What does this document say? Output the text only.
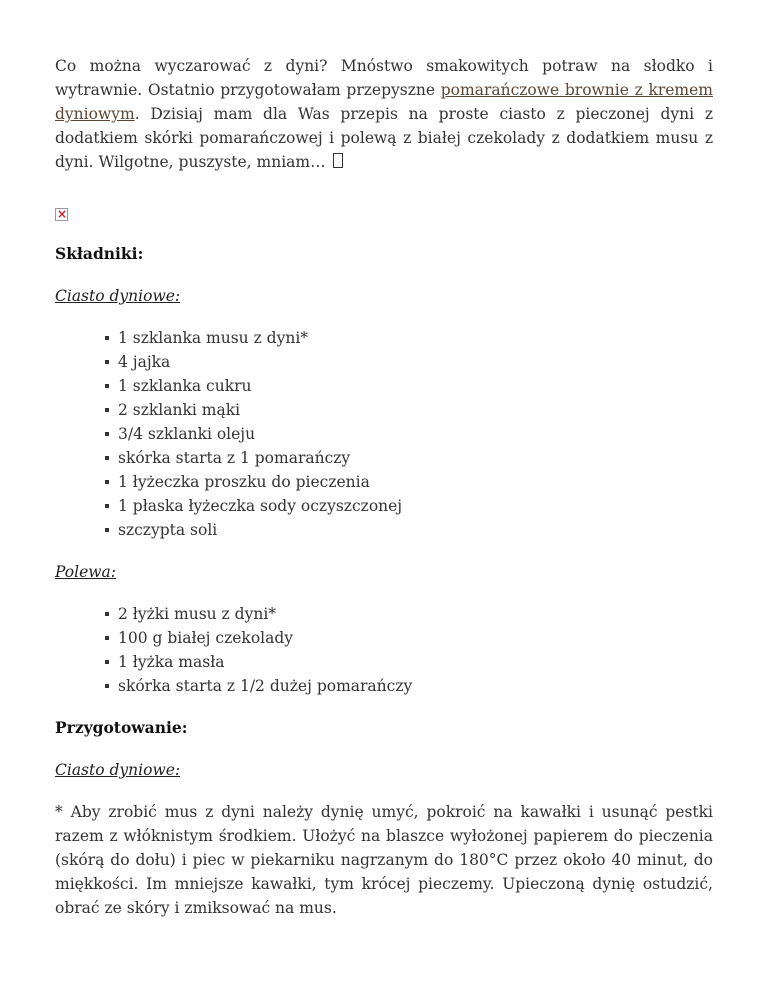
Co można wyczarować z dyni? Mnóstwo smakowitych potraw na słodko i wytrawnie. Ostatnio przygotowałam przepyszne pomarańczowe brownie z kremem dyniowym. Dzisiaj mam dla Was przepis na proste ciasto z pieczonej dyni z dodatkiem skórki pomarańczowej i polewą z białej czekolady z dodatkiem musu z dyni. Wilgotne, puszyste, mniam…

×
Składniki:

Ciasto dyniowe:

1 szklanka musu z dyni*
4 jajka
1 szklanka cukru
2 szklanki mąki
3/4 szklanki oleju
skórka starta z 1 pomarańczy
1 łyżeczka proszku do pieczenia
1 płaska łyżeczka sody oczyszczonej
szczypta soli

Polewa:

2 łyżki musu z dyni*
100 g białej czekolady
1 łyżka masła
skórka starta z 1/2 dużej pomarańczy
Przygotowanie:

Ciasto dyniowe:

* Aby zrobić mus z dyni należy dynię umyć, pokroić na kawałki i usunąć pestki razem z włóknistym środkiem. Ułożyć na blaszce wyłożonej papierem do pieczenia (skórą do dołu) i piec w piekarniku nagrzanym do 180°C przez około 40 minut, do miękkości. Im mniejsze kawałki, tym krócej pieczemy. Upieczoną dynię ostudzić, obrać ze skóry i zmiksować na mus.
